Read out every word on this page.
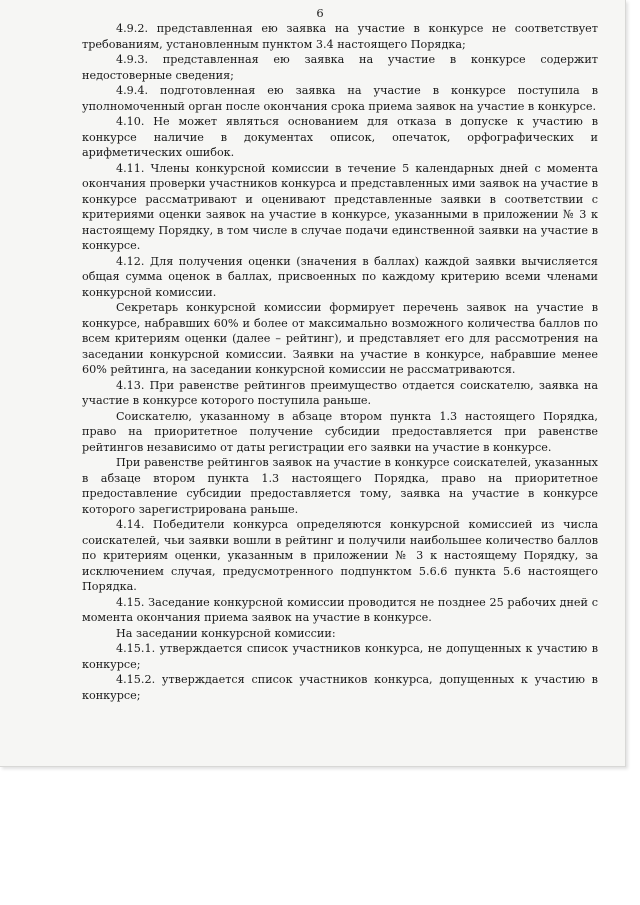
6

4.9.2. представленная ею заявка на участие в конкурсе не соответствует требованиям, установленным пунктом 3.4 настоящего Порядка;

4.9.3. представленная ею заявка на участие в конкурсе содержит недостоверные сведения;

4.9.4. подготовленная ею заявка на участие в конкурсе поступила в уполномоченный орган после окончания срока приема заявок на участие в конкурсе.

4.10. Не может являться основанием для отказа в допуске к участию в конкурсе наличие в документах описок, опечаток, орфографических и арифметических ошибок.

4.11. Члены конкурсной комиссии в течение 5 календарных дней с момента окончания проверки участников конкурса и представленных ими заявок на участие в конкурсе рассматривают и оценивают представленные заявки в соответствии с критериями оценки заявок на участие в конкурсе, указанными в приложении № 3 к настоящему Порядку, в том числе в случае подачи единственной заявки на участие в конкурсе.

4.12. Для получения оценки (значения в баллах) каждой заявки вычисляется общая сумма оценок в баллах, присвоенных по каждому критерию всеми членами конкурсной комиссии.

Секретарь конкурсной комиссии формирует перечень заявок на участие в конкурсе, набравших 60% и более от максимально возможного количества баллов по всем критериям оценки (далее – рейтинг), и представляет его для рассмотрения на заседании конкурсной комиссии. Заявки на участие в конкурсе, набравшие менее 60% рейтинга, на заседании конкурсной комиссии не рассматриваются.

4.13. При равенстве рейтингов преимущество отдается соискателю, заявка на участие в конкурсе которого поступила раньше.

Соискателю, указанному в абзаце втором пункта 1.3 настоящего Порядка, право на приоритетное получение субсидии предоставляется при равенстве рейтингов независимо от даты регистрации его заявки на участие в конкурсе.

При равенстве рейтингов заявок на участие в конкурсе соискателей, указанных в абзаце втором пункта 1.3 настоящего Порядка, право на приоритетное предоставление субсидии предоставляется тому, заявка на участие в конкурсе которого зарегистрирована раньше.

4.14. Победители конкурса определяются конкурсной комиссией из числа соискателей, чьи заявки вошли в рейтинг и получили наибольшее количество баллов по критериям оценки, указанным в приложении № 3 к настоящему Порядку, за исключением случая, предусмотренного подпунктом 5.6.6 пункта 5.6 настоящего Порядка.

4.15. Заседание конкурсной комиссии проводится не позднее 25 рабочих дней с момента окончания приема заявок на участие в конкурсе.

На заседании конкурсной комиссии:

4.15.1. утверждается список участников конкурса, не допущенных к участию в конкурсе;

4.15.2. утверждается список участников конкурса, допущенных к участию в конкурсе;
